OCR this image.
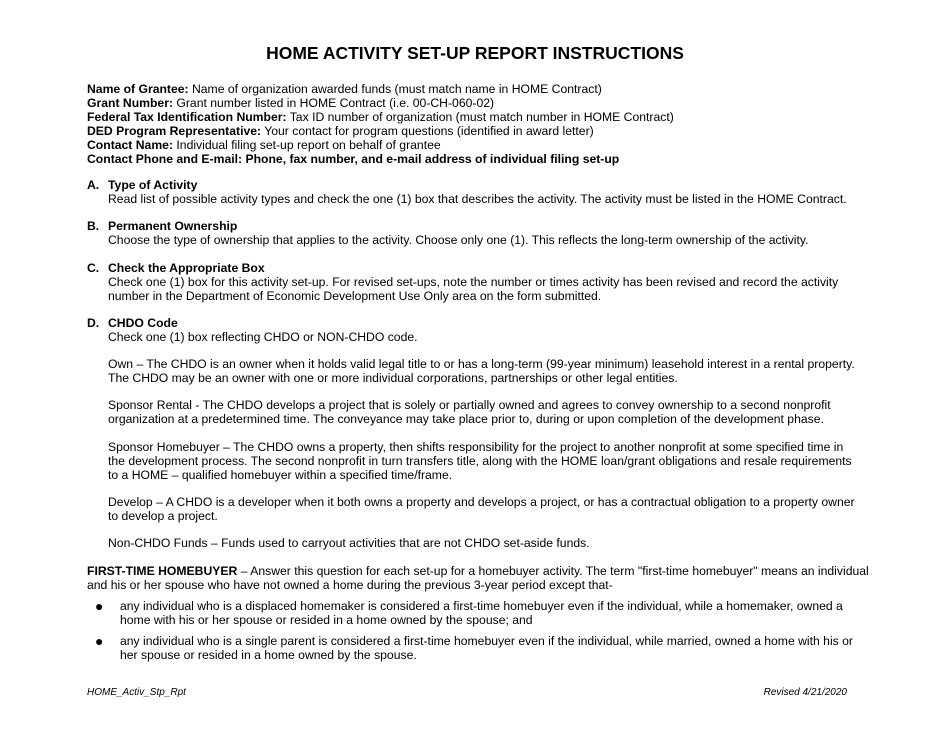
HOME ACTIVITY SET-UP REPORT INSTRUCTIONS
Name of Grantee: Name of organization awarded funds (must match name in HOME Contract)
Grant Number: Grant number listed in HOME Contract (i.e. 00-CH-060-02)
Federal Tax Identification Number: Tax ID number of organization (must match number in HOME Contract)
DED Program Representative: Your contact for program questions (identified in award letter)
Contact Name: Individual filing set-up report on behalf of grantee
Contact Phone and E-mail: Phone, fax number, and e-mail address of individual filing set-up
A. Type of Activity
Read list of possible activity types and check the one (1) box that describes the activity. The activity must be listed in the HOME Contract.
B. Permanent Ownership
Choose the type of ownership that applies to the activity. Choose only one (1). This reflects the long-term ownership of the activity.
C. Check the Appropriate Box
Check one (1) box for this activity set-up. For revised set-ups, note the number or times activity has been revised and record the activity number in the Department of Economic Development Use Only area on the form submitted.
D. CHDO Code
Check one (1) box reflecting CHDO or NON-CHDO code.
Own – The CHDO is an owner when it holds valid legal title to or has a long-term (99-year minimum) leasehold interest in a rental property. The CHDO may be an owner with one or more individual corporations, partnerships or other legal entities.
Sponsor Rental - The CHDO develops a project that is solely or partially owned and agrees to convey ownership to a second nonprofit organization at a predetermined time. The conveyance may take place prior to, during or upon completion of the development phase.
Sponsor Homebuyer – The CHDO owns a property, then shifts responsibility for the project to another nonprofit at some specified time in the development process. The second nonprofit in turn transfers title, along with the HOME loan/grant obligations and resale requirements to a HOME – qualified homebuyer within a specified time/frame.
Develop – A CHDO is a developer when it both owns a property and develops a project, or has a contractual obligation to a property owner to develop a project.
Non-CHDO Funds – Funds used to carryout activities that are not CHDO set-aside funds.
FIRST-TIME HOMEBUYER – Answer this question for each set-up for a homebuyer activity. The term "first-time homebuyer" means an individual and his or her spouse who have not owned a home during the previous 3-year period except that-
●	any individual who is a displaced homemaker is considered a first-time homebuyer even if the individual, while a homemaker, owned a home with his or her spouse or resided in a home owned by the spouse; and
●	any individual who is a single parent is considered a first-time homebuyer even if the individual, while married, owned a home with his or her spouse or resided in a home owned by the spouse.
HOME_Activ_Stp_Rpt	Revised 4/21/2020
